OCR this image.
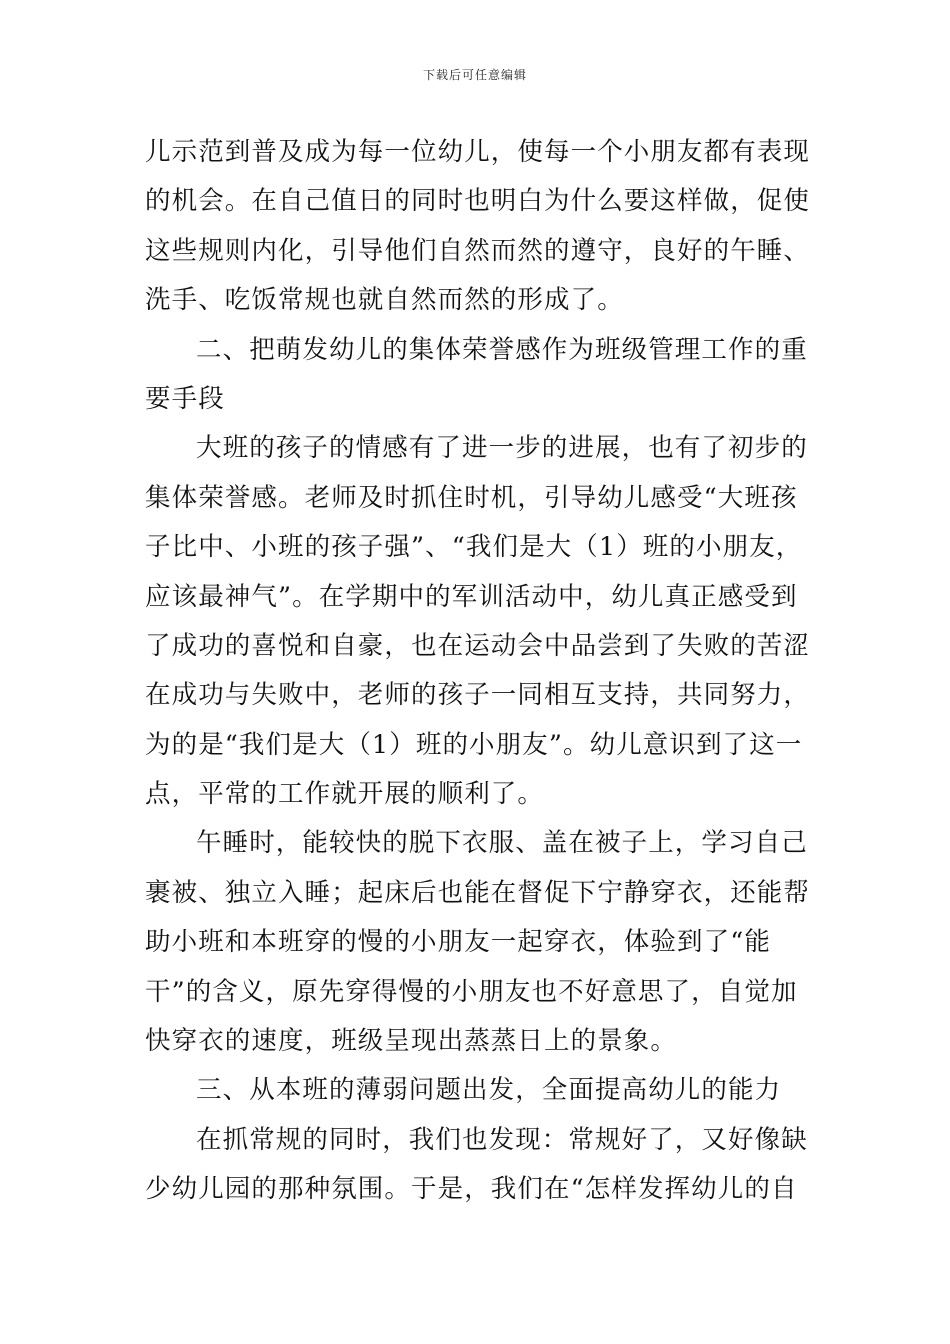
下载后可任意编辑
儿示范到普及成为每一位幼儿，使每一个小朋友都有表现
的机会。在自己值日的同时也明白为什么要这样做，促使
这些规则内化，引导他们自然而然的遵守，良好的午睡、
洗手、吃饭常规也就自然而然的形成了。
二、把萌发幼儿的集体荣誉感作为班级管理工作的重
要手段
大班的孩子的情感有了进一步的进展，也有了初步的
集体荣誉感。老师及时抓住时机，引导幼儿感受“大班孩
子比中、小班的孩子强”、“我们是大（1）班的小朋友，
应该最神气”。在学期中的军训活动中，幼儿真正感受到
了成功的喜悦和自豪，也在运动会中品尝到了失败的苦涩
在成功与失败中，老师的孩子一同相互支持，共同努力，
为的是“我们是大（1）班的小朋友”。幼儿意识到了这一
点，平常的工作就开展的顺利了。
午睡时，能较快的脱下衣服、盖在被子上，学习自己
裹被、独立入睡；起床后也能在督促下宁静穿衣，还能帮
助小班和本班穿的慢的小朋友一起穿衣，体验到了“能
干”的含义，原先穿得慢的小朋友也不好意思了，自觉加
快穿衣的速度，班级呈现出蒸蒸日上的景象。
三、从本班的薄弱问题出发，全面提高幼儿的能力
在抓常规的同时，我们也发现：常规好了，又好像缺
少幼儿园的那种氛围。于是，我们在“怎样发挥幼儿的自
